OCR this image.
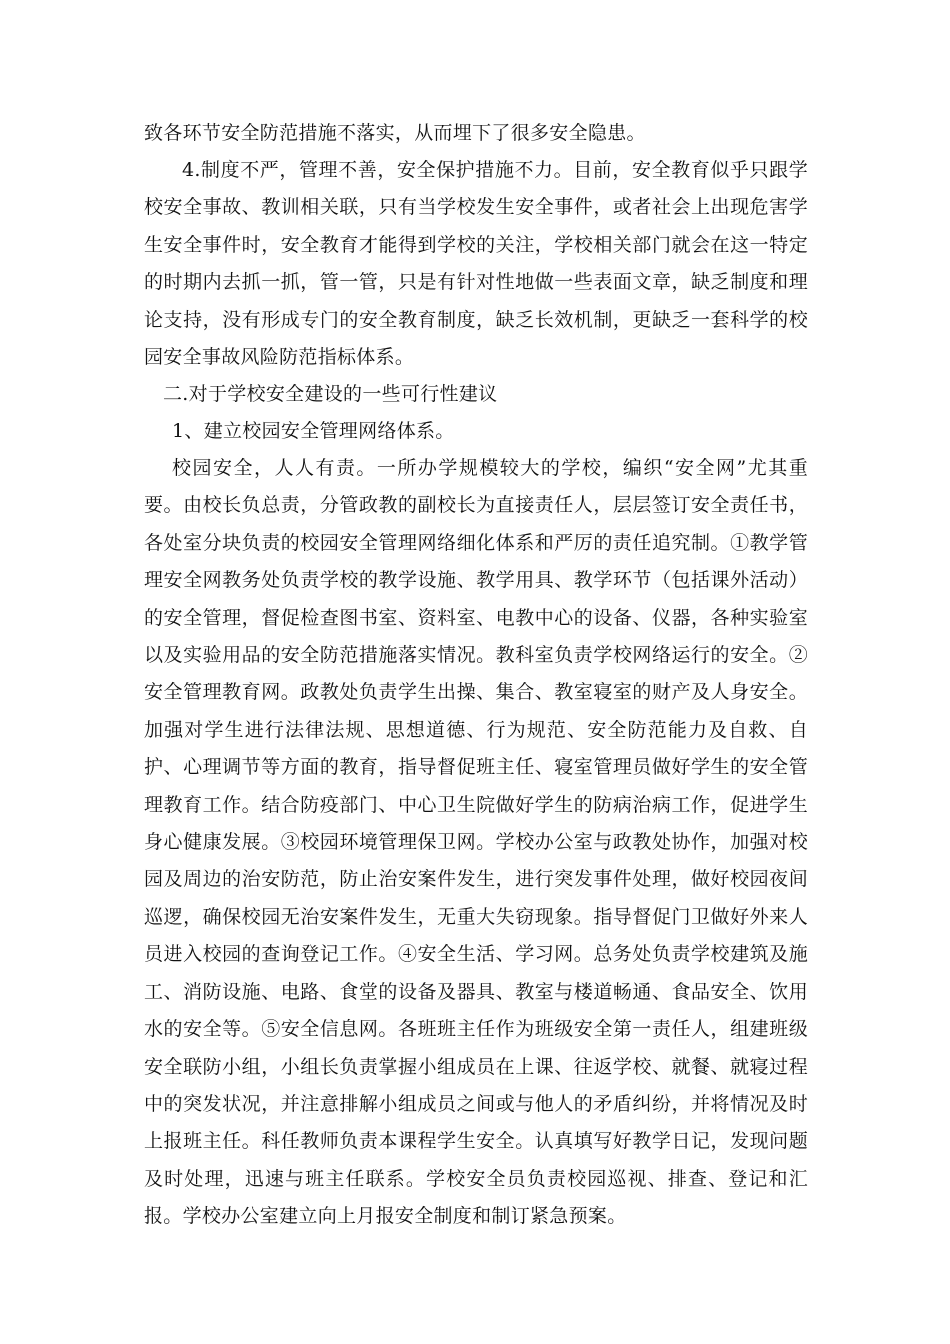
致各环节安全防范措施不落实，从而埋下了很多安全隐患。

4.制度不严，管理不善，安全保护措施不力。目前，安全教育似乎只跟学校安全事故、教训相关联，只有当学校发生安全事件，或者社会上出现危害学生安全事件时，安全教育才能得到学校的关注，学校相关部门就会在这一特定的时期内去抓一抓，管一管，只是有针对性地做一些表面文章，缺乏制度和理论支持，没有形成专门的安全教育制度，缺乏长效机制，更缺乏一套科学的校园安全事故风险防范指标体系。

二.对于学校安全建设的一些可行性建议

1、建立校园安全管理网络体系。

校园安全，人人有责。一所办学规模较大的学校，编织“安全网”尤其重要。由校长负总责，分管政教的副校长为直接责任人，层层签订安全责任书，各处室分块负责的校园安全管理网络细化体系和严厉的责任追究制。①教学管理安全网教务处负责学校的教学设施、教学用具、教学环节（包括课外活动）的安全管理，督促检查图书室、资料室、电教中心的设备、仪器，各种实验室以及实验用品的安全防范措施落实情况。教科室负责学校网络运行的安全。②安全管理教育网。政教处负责学生出操、集合、教室寝室的财产及人身安全。加强对学生进行法律法规、思想道德、行为规范、安全防范能力及自救、自护、心理调节等方面的教育，指导督促班主任、寝室管理员做好学生的安全管理教育工作。结合防疫部门、中心卫生院做好学生的防病治病工作，促进学生身心健康发展。③校园环境管理保卫网。学校办公室与政教处协作，加强对校园及周边的治安防范，防止治安案件发生，进行突发事件处理，做好校园夜间巡逻，确保校园无治安案件发生，无重大失窃现象。指导督促门卫做好外来人员进入校园的查询登记工作。④安全生活、学习网。总务处负责学校建筑及施工、消防设施、电路、食堂的设备及器具、教室与楼道畅通、食品安全、饮用水的安全等。⑤安全信息网。各班班主任作为班级安全第一责任人，组建班级安全联防小组，小组长负责掌握小组成员在上课、往返学校、就餐、就寝过程中的突发状况，并注意排解小组成员之间或与他人的矛盾纠纷，并将情况及时上报班主任。科任教师负责本课程学生安全。认真填写好教学日记，发现问题及时处理，迅速与班主任联系。学校安全员负责校园巡视、排查、登记和汇报。学校办公室建立向上月报安全制度和制订紧急预案。
